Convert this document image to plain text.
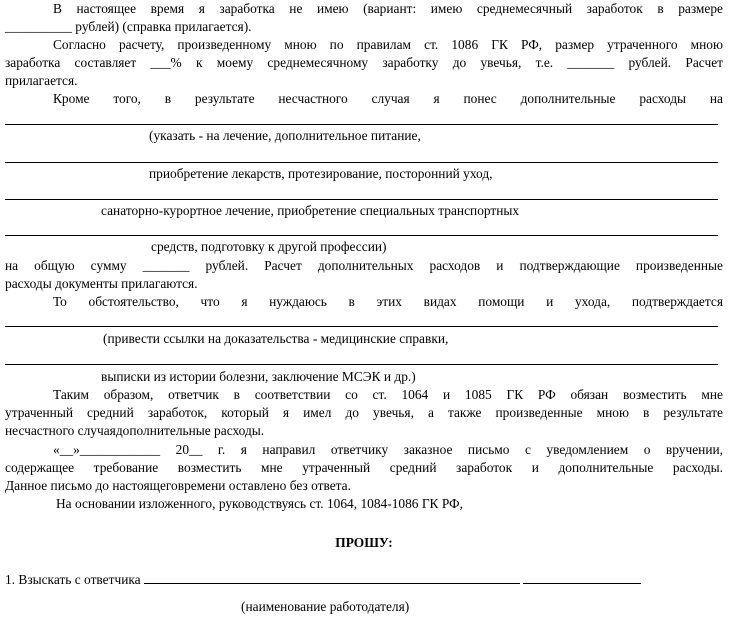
В настоящее время я заработка не имею (вариант: имею среднемесячный заработок в размере
__________ рублей) (справка прилагается).
Согласно расчету, произведенному мною по правилам ст. 1086 ГК РФ, размер утраченного мною
заработка составляет ___% к моему среднемесячному заработку до увечья, т.е. _______ рублей. Расчет
прилагается.
Кроме того, в результате несчастного случая я понес дополнительные расходы на
(указать - на лечение, дополнительное питание,
приобретение лекарств, протезирование, посторонний уход,
санаторно-курортное лечение, приобретение специальных транспортных
средств, подготовку к другой профессии)
на общую сумму _______ рублей. Расчет дополнительных расходов и подтверждающие произведенные
расходы документы прилагаются.
То обстоятельство, что я нуждаюсь в этих видах помощи и ухода, подтверждается
(привести ссылки на доказательства - медицинские справки,
выписки из истории болезни, заключение МСЭК и др.)
Таким образом, ответчик в соответствии со ст. 1064 и 1085 ГК РФ обязан возместить мне
утраченный средний заработок, который я имел до увечья, а также произведенные мною в результате
несчастного случаядополнительные расходы.
«__»____________ 20__ г. я направил ответчику заказное письмо с уведомлением о вручении,
содержащее требование возместить мне утраченный средний заработок и дополнительные расходы.
Данное письмо до настоящеговремени оставлено без ответа.
На основании изложенного, руководствуясь ст. 1064, 1084-1086 ГК РФ,
ПРОШУ:
1. Взыскать с ответчика
(наименование работодателя)
